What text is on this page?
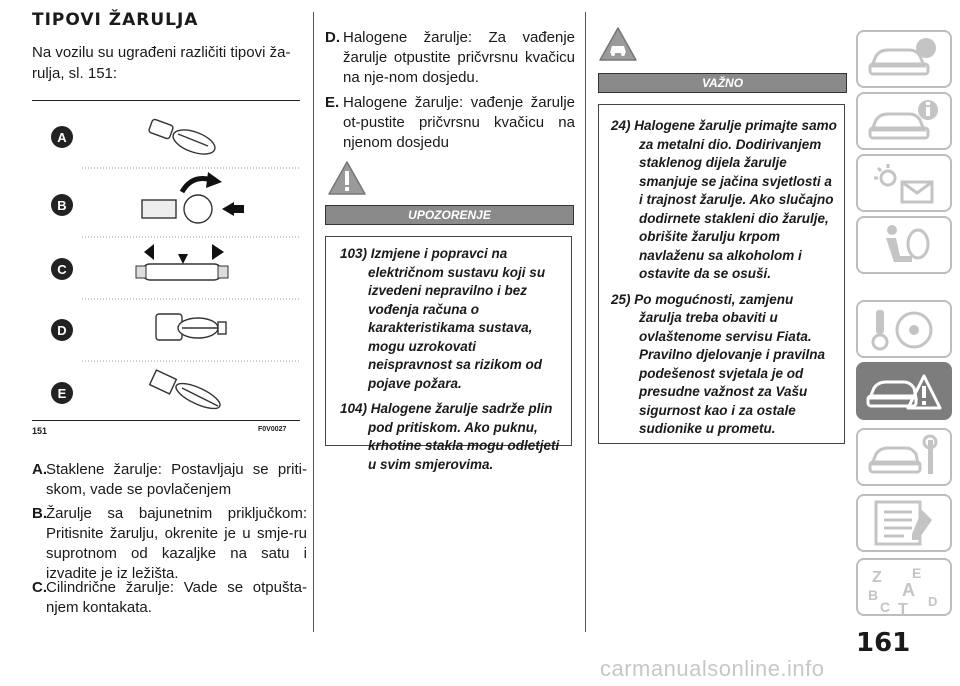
TIPOVI ŽARULJA
Na vozilu su ugrađeni različiti tipovi ža-rulja, sl. 151:
A
B
C
D
E
151	F0V0027
A. Staklene žarulje: Postavljaju se priti-skom, vade se povlačenjem
B. Žarulje sa bajunetnim priključkom: Pritisnite žarulju, okrenite je u smje-ru suprotnom od kazaljke na satu i izvadite je iz ležišta.
C. Cilindrične žarulje: Vade se otpušta-njem kontakata.
D. Halogene žarulje: Za vađenje žarulje otpustite pričvrsnu kvačicu na nje-nom dosjedu.
E. Halogene žarulje: vađenje žarulje ot-pustite pričvrsnu kvačicu na njenom dosjedu
UPOZORENJE

103) Izmjene i popravci na električnom sustavu koji su izvedeni nepravilno i bez vođenja računa o karakteristikama sustava, mogu uzrokovati neispravnost sa rizikom od pojave požara.

104) Halogene žarulje sadrže plin pod pritiskom. Ako puknu, krhotine stakla mogu odletjeti u svim smjerovima.

VAŽNO

24) Halogene žarulje primajte samo za metalni dio. Dodirivanjem staklenog dijela žarulje smanjuje se jačina svjetlosti a i trajnost žarulje. Ako slučajno dodirnete stakleni dio žarulje, obrišite žarulju krpom navlaženu sa alkoholom i ostavite da se osuši.

25) Po mogućnosti, zamjenu žarulja treba obaviti u ovlaštenome servisu Fiata. Pravilno djelovanje i pravilna podešenost svjetala je od presudne važnost za Vašu sigurnost kao i za ostale sudionike u prometu.

Z E
B A
D
C T
161
carmanualsonline.info
